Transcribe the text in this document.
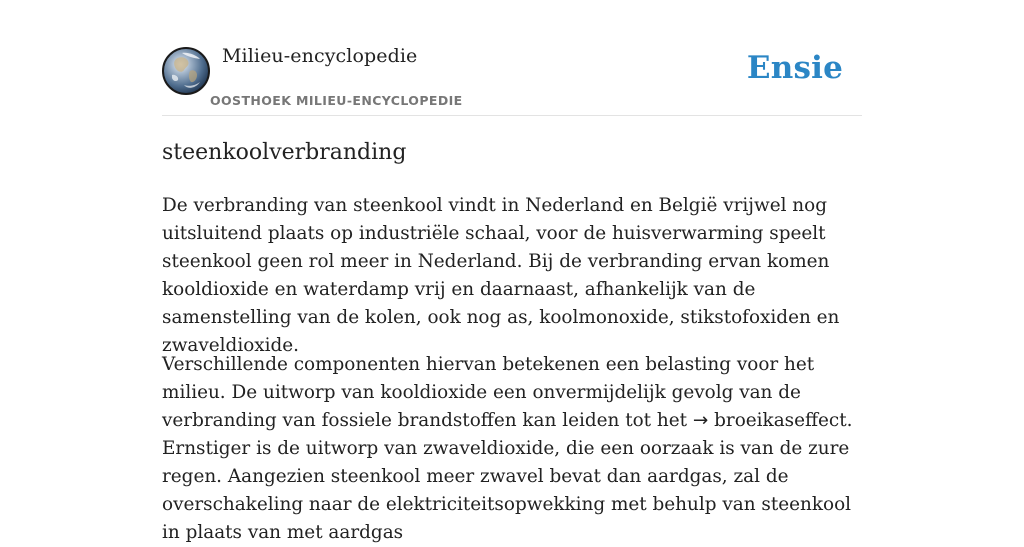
Milieu-encyclopedie
OOSTHOEK MILIEU-ENCYCLOPEDIE
Ensie
steenkoolverbranding

De verbranding van steenkool vindt in Nederland en België vrijwel nog uitsluitend plaats op industriële schaal, voor de huisverwarming speelt steenkool geen rol meer in Nederland. Bij de verbranding ervan komen kooldioxide en waterdamp vrij en daarnaast, afhankelijk van de samenstelling van de kolen, ook nog as, koolmonoxide, stikstofoxiden en zwaveldioxide.

Verschillende componenten hiervan betekenen een belasting voor het milieu. De uitworp van kooldioxide een onvermijdelijk gevolg van de verbranding van fossiele brandstoffen kan leiden tot het → broeikaseffect. Ernstiger is de uitworp van zwaveldioxide, die een oorzaak is van de zure regen. Aangezien steenkool meer zwavel bevat dan aardgas, zal de overschakeling naar de elektriciteitsopwekking met behulp van steenkool in plaats van met aardgas
